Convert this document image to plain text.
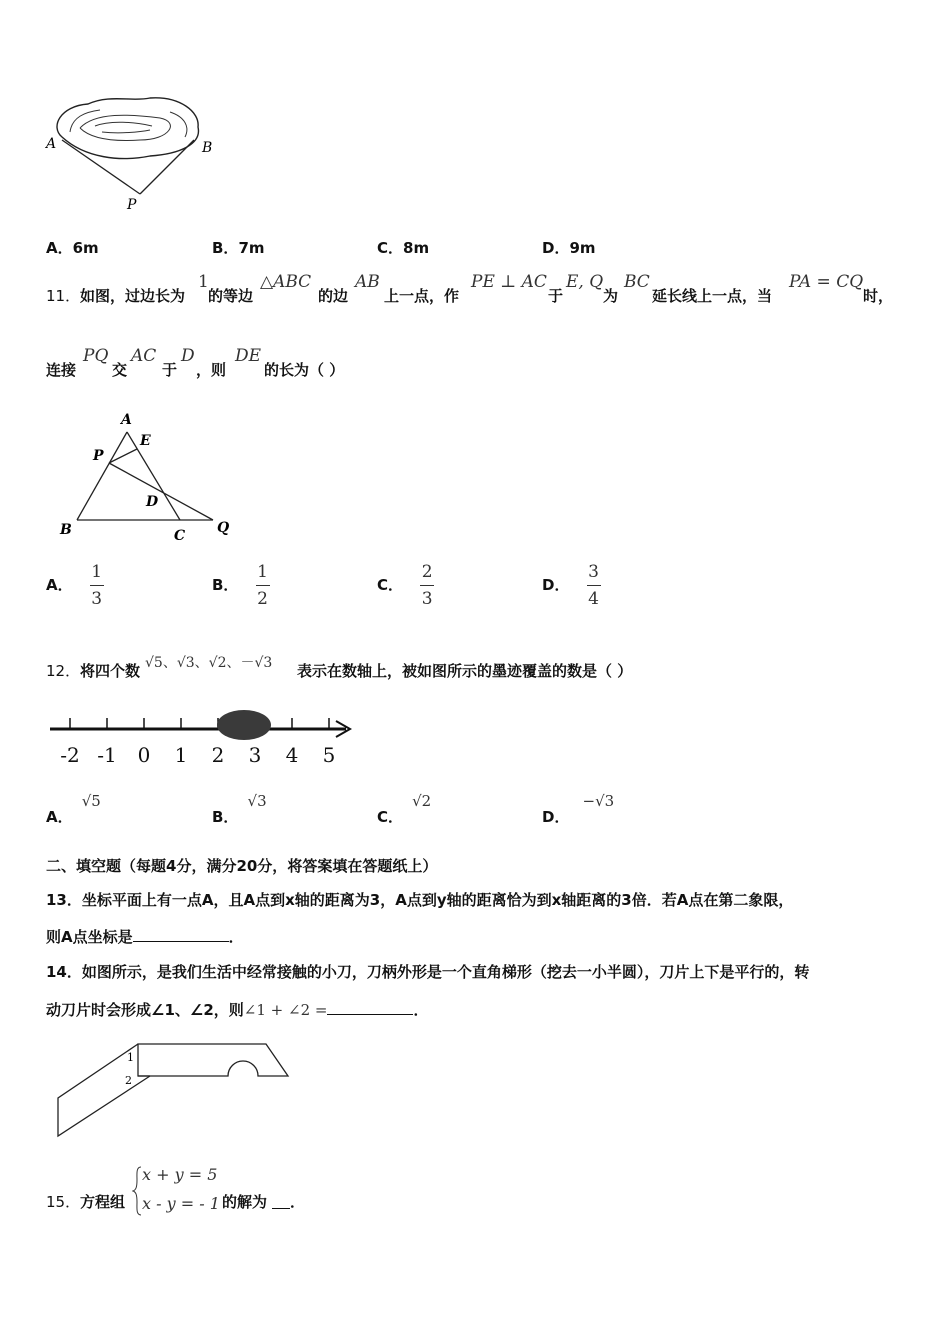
A	B
P
A．6m	B．7m	C．8m	D．9m
11． 如图，过边长为
1
的等边
△ABC
的边
AB
上一点，作
PE ⊥ AC
于
E, Q
为
BC
延长线上一点，当
PA = CQ
时，
连接
PQ
交
AC
于
D
，则
DE
的长为（ ）
A
E
P
D
B	C Q
A． $\frac{1}{3}$	B． $\frac{1}{2}$	C． $\frac{2}{3}$	D． $\frac{3}{4}$
12． 将四个数 √5、√3、√2、－√3 表示在数轴上，被如图所示的墨迹覆盖的数是（ ）
-2 -1 0 1 2 3 4 5
A． √5
B． √3
C． √2
D． −√3
二、填空题（每题4分，满分20分，将答案填在答题纸上）
13．坐标平面上有一点A，且A点到x轴的距离为3，A点到y轴的距离恰为到x轴距离的3倍．若A点在第二象限，
则A点坐标是	．
14．如图所示，是我们生活中经常接触的小刀，刀柄外形是一个直角梯形（挖去一小半圆），刀片上下是平行的，转
动刀片时会形成∠1、∠2，则∠1 + ∠2 =	．
1
2
15． 方程组
x + y = 5
x - y = - 1 的解为 ．
